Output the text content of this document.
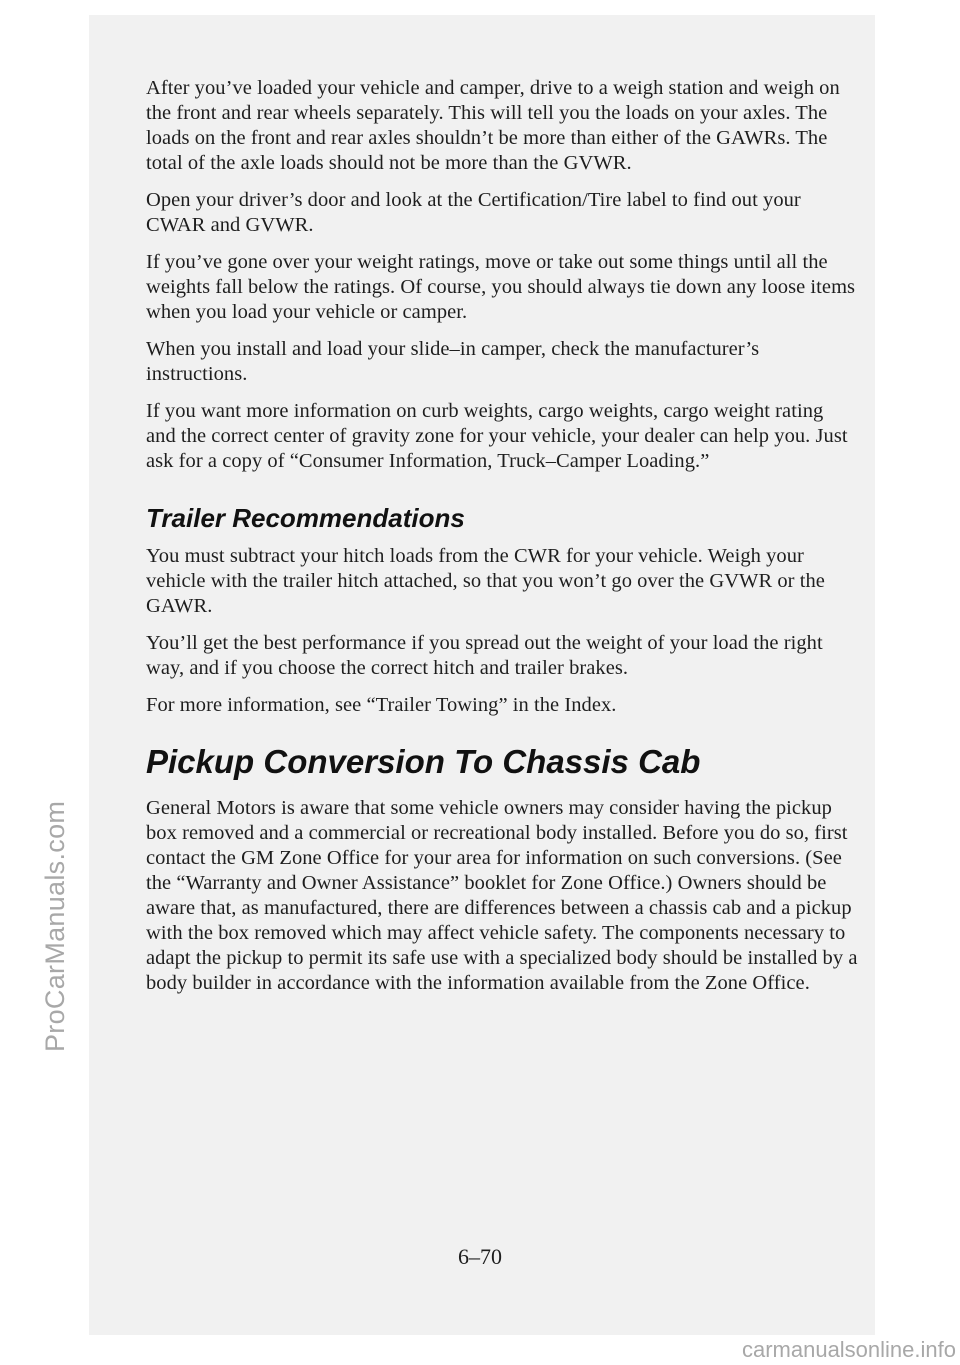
ProCarManuals.com

After you’ve loaded your vehicle and camper, drive to a weigh station and weigh on the front and rear wheels separately. This will tell you the loads on your axles. The loads on the front and rear axles shouldn’t be more than either of the GAWRs. The total of the axle loads should not be more than the GVWR.

Open your driver’s door and look at the Certification/Tire label to find out your CWAR and GVWR.

If you’ve gone over your weight ratings, move or take out some things until all the weights fall below the ratings. Of course, you should always tie down any loose items when you load your vehicle or camper.

When you install and load your slide–in camper, check the manufacturer’s instructions.

If you want more information on curb weights, cargo weights, cargo weight rating and the correct center of gravity zone for your vehicle, your dealer can help you. Just ask for a copy of “Consumer Information, Truck–Camper Loading.”

Trailer Recommendations

You must subtract your hitch loads from the CWR for your vehicle. Weigh your vehicle with the trailer hitch attached, so that you won’t go over the GVWR or the GAWR.

You’ll get the best performance if you spread out the weight of your load the right way, and if you choose the correct hitch and trailer brakes.

For more information, see “Trailer Towing” in the Index.

Pickup Conversion To Chassis Cab

General Motors is aware that some vehicle owners may consider having the pickup box removed and a commercial or recreational body installed. Before you do so, first contact the GM Zone Office for your area for information on such conversions. (See the “Warranty and Owner Assistance” booklet for Zone Office.) Owners should be aware that, as manufactured, there are differences between a chassis cab and a pickup with the box removed which may affect vehicle safety. The components necessary to adapt the pickup to permit its safe use with a specialized body should be installed by a body builder in accordance with the information available from the Zone Office.

6–70
carmanualsonline.info
